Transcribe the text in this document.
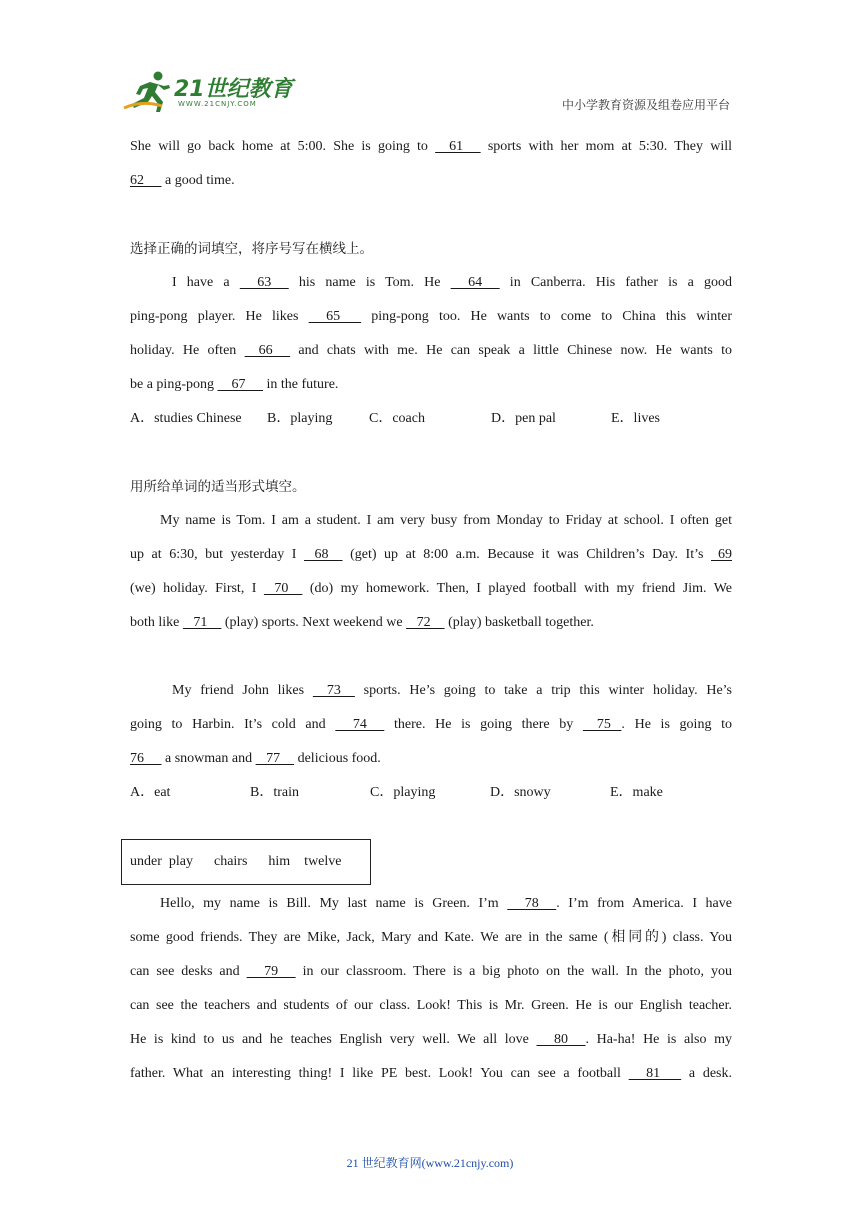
21世纪教育
WWW.21CNJY.COM	中小学教育资源及组卷应用平台
She will go back home at 5:00. She is going to     61      sports with her mom at 5:30. They will
62      a good time.
选择正确的词填空，将序号写在横线上。
I have a      63      his name is Tom. He      64      in Canberra. His father is a good
ping-pong player. He likes      65       ping-pong too. He wants to come to China this winter
holiday. He often     66      and chats with me. He can speak a little Chinese now. He wants to
be a ping-pong     67      in the future.
A．studies Chinese	B．playing	C．coach	D．pen pal	E．lives
用所给单词的适当形式填空。
My name is Tom. I am a student. I am very busy from Monday to Friday at school. I often get
up at 6:30, but yesterday I    68     (get) up at 8:00 a.m. Because it was Children’s Day. It’s   69
(we) holiday. First, I    70     (do) my homework. Then, I played football with my friend Jim. We
both like    71     (play) sports. Next weekend we    72     (play) basketball together.
My friend John likes     73     sports. He’s going to take a trip this winter holiday. He’s
going to Harbin. It’s cold and      74      there. He is going there by     75   . He is going to
76      a snowman and    77     delicious food.
A．eat	B．train	C．playing	D．snowy	E．make
under  play      chairs      him    twelve
Hello, my name is Bill. My last name is Green. I’m      78     . I’m from America. I have
some good friends. They are Mike, Jack, Mary and Kate. We are in the same (相同的) class. You
can see desks and      79      in our classroom. There is a big photo on the wall. In the photo, you
can see the teachers and students of our class. Look! This is Mr. Green. He is our English teacher.
He is kind to us and he teaches English very well. We all love      80     . Ha-ha! He is also my
father. What an interesting thing! I like PE best. Look! You can see a football      81       a desk.
21 世纪教育网(www.21cnjy.com)
